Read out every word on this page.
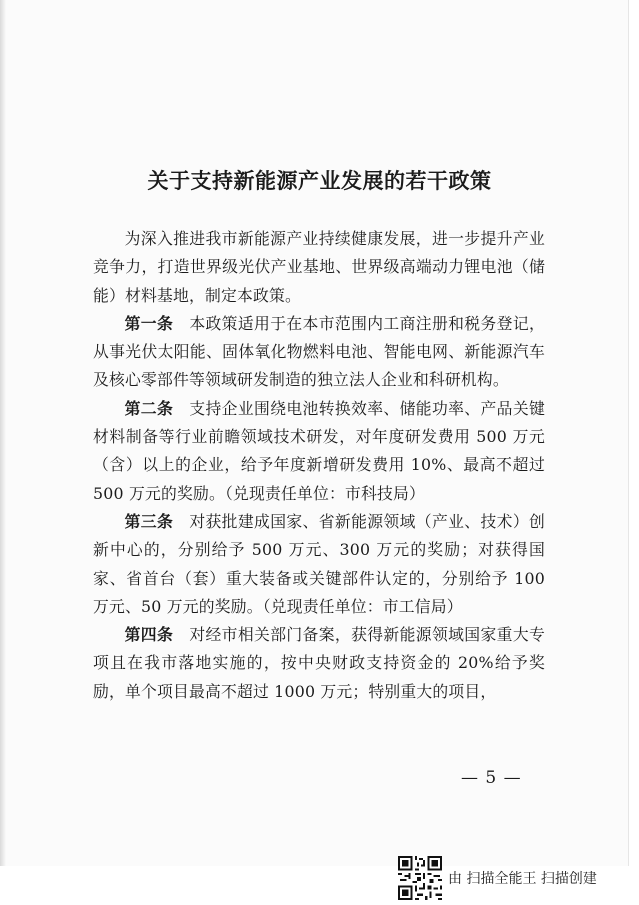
关于支持新能源产业发展的若干政策

为深入推进我市新能源产业持续健康发展，进一步提升产业竞争力，打造世界级光伏产业基地、世界级高端动力锂电池（储能）材料基地，制定本政策。

第一条　 本政策适用于在本市范围内工商注册和税务登记，从事光伏太阳能、固体氧化物燃料电池、智能电网、新能源汽车及核心零部件等领域研发制造的独立法人企业和科研机构。

第二条　 支持企业围绕电池转换效率、储能功率、产品关键材料制备等行业前瞻领域技术研发，对年度研发费用 500 万元（含）以上的企业，给予年度新增研发费用 10%、最高不超过 500 万元的奖励。（兑现责任单位：市科技局）

第三条　 对获批建成国家、省新能源领域（产业、技术）创新中心的，分别给予 500 万元、300 万元的奖励；对获得国家、省首台（套）重大装备或关键部件认定的，分别给予 100 万元、50 万元的奖励。（兑现责任单位：市工信局）

第四条　 对经市相关部门备案，获得新能源领域国家重大专项且在我市落地实施的，按中央财政支持资金的 20%给予奖励，单个项目最高不超过 1000 万元；特别重大的项目，

— 5 —
由 扫描全能王 扫描创建
